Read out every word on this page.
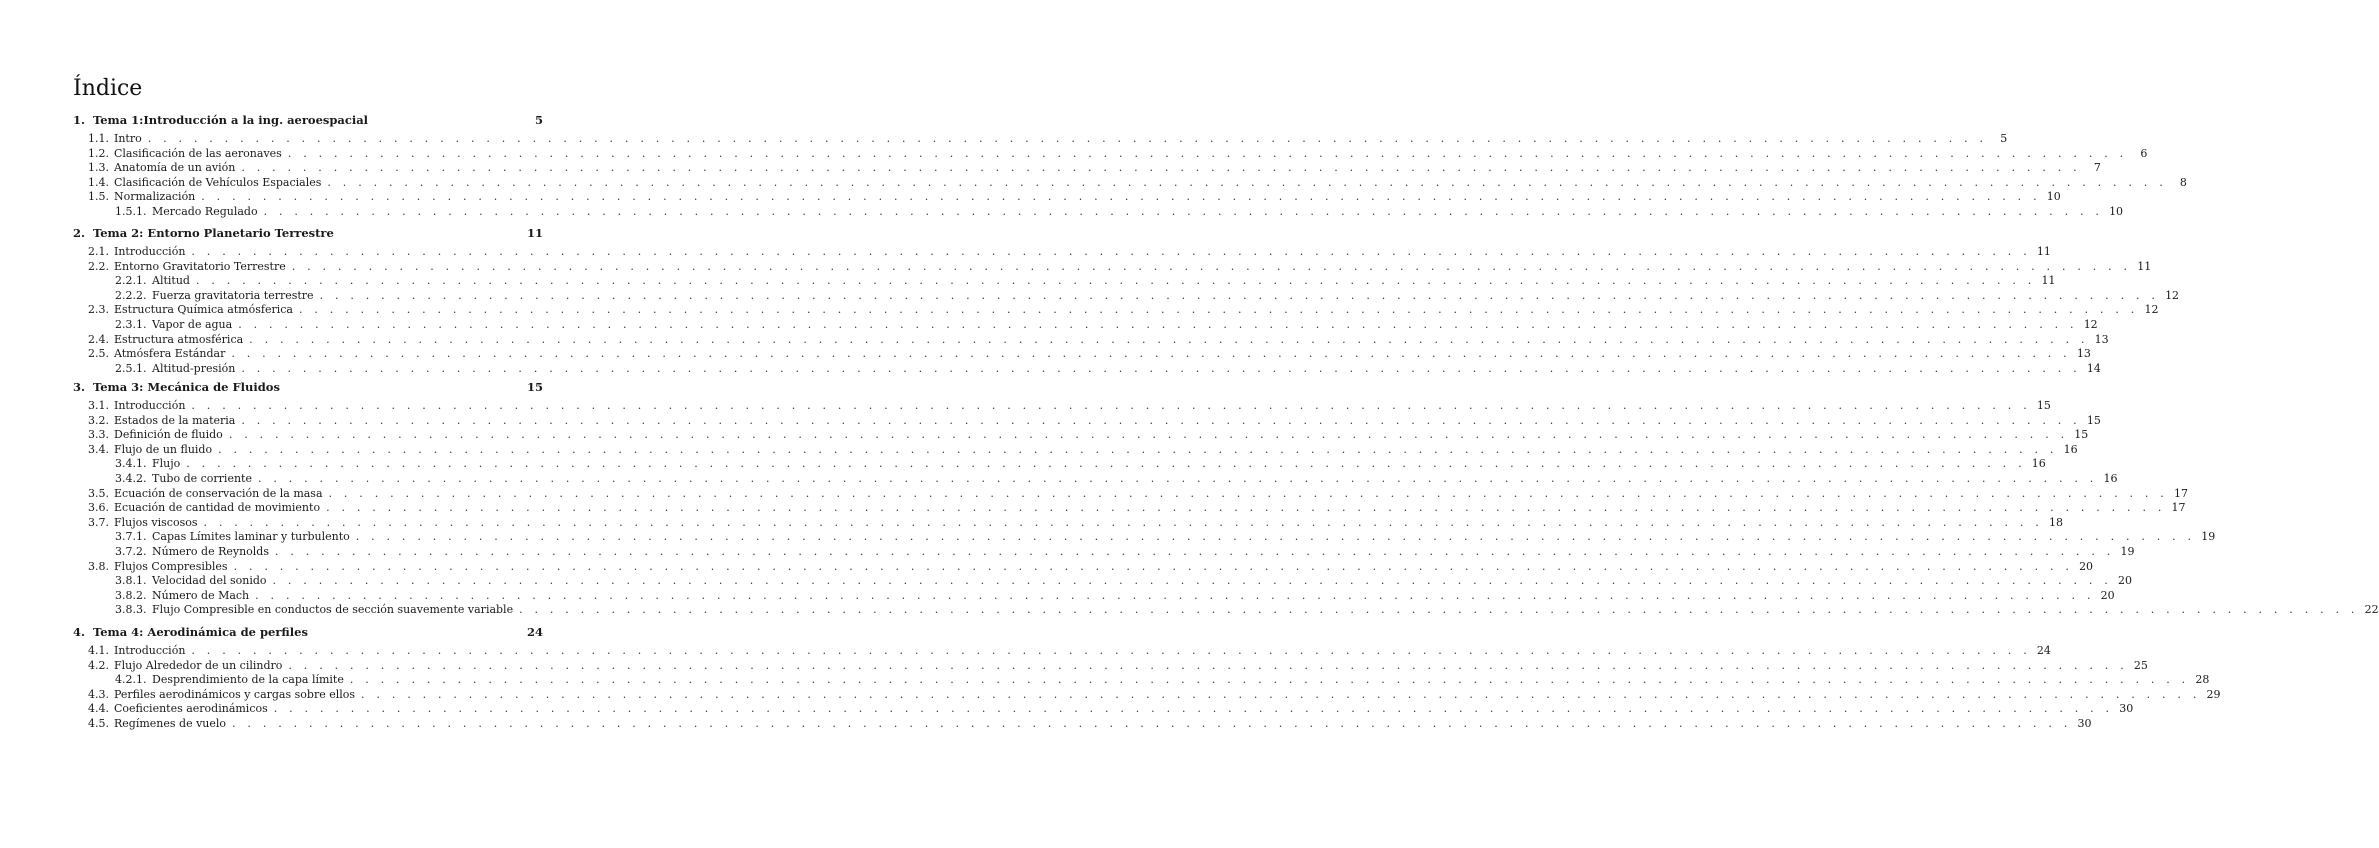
Índice
1. Tema 1:Introducción a la ing. aeroespacial	5
1.1. Intro . . . . . . . . . . . . . . . . . . . . . . . . . . . . . . . . . . . . . . . . . . . . . . . . . . . . . . . . . . . . . . . . . . . . . . . . . . . . . . . . . . . . . . . . . . . . . . . . . . . . . . . . . . . . . . . . . . . . . . . .	5
1.2. Clasificación de las aeronaves . . . . . . . . . . . . . . . . . . . . . . . . . . . . . . . . . . . . . . . . . . . . . . . . . . . . . . . . . . . . . . . . . . . . . . . . . . . . . . . . . . . . . . . . . . . . . . . . . . . . . . . . . . . . . . . . . . . . . . . .	6
1.3. Anatomía de un avión . . . . . . . . . . . . . . . . . . . . . . . . . . . . . . . . . . . . . . . . . . . . . . . . . . . . . . . . . . . . . . . . . . . . . . . . . . . . . . . . . . . . . . . . . . . . . . . . . . . . . . . . . . . . . . . . . . . . . . . .	7
1.4. Clasificación de Vehículos Espaciales . . . . . . . . . . . . . . . . . . . . . . . . . . . . . . . . . . . . . . . . . . . . . . . . . . . . . . . . . . . . . . . . . . . . . . . . . . . . . . . . . . . . . . . . . . . . . . . . . . . . . . . . . . . . . . . . . . . . . . . .	8
1.5. Normalización . . . . . . . . . . . . . . . . . . . . . . . . . . . . . . . . . . . . . . . . . . . . . . . . . . . . . . . . . . . . . . . . . . . . . . . . . . . . . . . . . . . . . . . . . . . . . . . . . . . . . . . . . . . . . . . . . . . . . . . . 10
1.5.1. Mercado Regulado . . . . . . . . . . . . . . . . . . . . . . . . . . . . . . . . . . . . . . . . . . . . . . . . . . . . . . . . . . . . . . . . . . . . . . . . . . . . . . . . . . . . . . . . . . . . . . . . . . . . . . . . . . . . . . . . . . . . . . . . 10
2. Tema 2: Entorno Planetario Terrestre	11
2.1. Introducción . . . . . . . . . . . . . . . . . . . . . . . . . . . . . . . . . . . . . . . . . . . . . . . . . . . . . . . . . . . . . . . . . . . . . . . . . . . . . . . . . . . . . . . . . . . . . . . . . . . . . . . . . . . . . . . . . . . . . . . . 11
2.2. Entorno Gravitatorio Terrestre . . . . . . . . . . . . . . . . . . . . . . . . . . . . . . . . . . . . . . . . . . . . . . . . . . . . . . . . . . . . . . . . . . . . . . . . . . . . . . . . . . . . . . . . . . . . . . . . . . . . . . . . . . . . . . . . . . . . . . . . 11
2.2.1. Altitud . . . . . . . . . . . . . . . . . . . . . . . . . . . . . . . . . . . . . . . . . . . . . . . . . . . . . . . . . . . . . . . . . . . . . . . . . . . . . . . . . . . . . . . . . . . . . . . . . . . . . . . . . . . . . . . . . . . . . . . . 11
2.2.2. Fuerza gravitatoria terrestre . . . . . . . . . . . . . . . . . . . . . . . . . . . . . . . . . . . . . . . . . . . . . . . . . . . . . . . . . . . . . . . . . . . . . . . . . . . . . . . . . . . . . . . . . . . . . . . . . . . . . . . . . . . . . . . . . . . . . . . . 12
2.3. Estructura Química atmósferica . . . . . . . . . . . . . . . . . . . . . . . . . . . . . . . . . . . . . . . . . . . . . . . . . . . . . . . . . . . . . . . . . . . . . . . . . . . . . . . . . . . . . . . . . . . . . . . . . . . . . . . . . . . . . . . . . . . . . . . . 12
2.3.1. Vapor de agua . . . . . . . . . . . . . . . . . . . . . . . . . . . . . . . . . . . . . . . . . . . . . . . . . . . . . . . . . . . . . . . . . . . . . . . . . . . . . . . . . . . . . . . . . . . . . . . . . . . . . . . . . . . . . . . . . . . . . . . . 12
2.4. Estructura atmosférica . . . . . . . . . . . . . . . . . . . . . . . . . . . . . . . . . . . . . . . . . . . . . . . . . . . . . . . . . . . . . . . . . . . . . . . . . . . . . . . . . . . . . . . . . . . . . . . . . . . . . . . . . . . . . . . . . . . . . . . . 13
2.5. Atmósfera Estándar . . . . . . . . . . . . . . . . . . . . . . . . . . . . . . . . . . . . . . . . . . . . . . . . . . . . . . . . . . . . . . . . . . . . . . . . . . . . . . . . . . . . . . . . . . . . . . . . . . . . . . . . . . . . . . . . . . . . . . . . 13
2.5.1. Altitud-presión . . . . . . . . . . . . . . . . . . . . . . . . . . . . . . . . . . . . . . . . . . . . . . . . . . . . . . . . . . . . . . . . . . . . . . . . . . . . . . . . . . . . . . . . . . . . . . . . . . . . . . . . . . . . . . . . . . . . . . . . 14
3. Tema 3: Mecánica de Fluidos	15
3.1. Introducción . . . . . . . . . . . . . . . . . . . . . . . . . . . . . . . . . . . . . . . . . . . . . . . . . . . . . . . . . . . . . . . . . . . . . . . . . . . . . . . . . . . . . . . . . . . . . . . . . . . . . . . . . . . . . . . . . . . . . . . . 15
3.2. Estados de la materia . . . . . . . . . . . . . . . . . . . . . . . . . . . . . . . . . . . . . . . . . . . . . . . . . . . . . . . . . . . . . . . . . . . . . . . . . . . . . . . . . . . . . . . . . . . . . . . . . . . . . . . . . . . . . . . . . . . . . . . . 15
3.3. Definición de fluido . . . . . . . . . . . . . . . . . . . . . . . . . . . . . . . . . . . . . . . . . . . . . . . . . . . . . . . . . . . . . . . . . . . . . . . . . . . . . . . . . . . . . . . . . . . . . . . . . . . . . . . . . . . . . . . . . . . . . . . . 15
3.4. Flujo de un fluido . . . . . . . . . . . . . . . . . . . . . . . . . . . . . . . . . . . . . . . . . . . . . . . . . . . . . . . . . . . . . . . . . . . . . . . . . . . . . . . . . . . . . . . . . . . . . . . . . . . . . . . . . . . . . . . . . . . . . . . . 16
3.4.1. Flujo . . . . . . . . . . . . . . . . . . . . . . . . . . . . . . . . . . . . . . . . . . . . . . . . . . . . . . . . . . . . . . . . . . . . . . . . . . . . . . . . . . . . . . . . . . . . . . . . . . . . . . . . . . . . . . . . . . . . . . . . 16
3.4.2. Tubo de corriente . . . . . . . . . . . . . . . . . . . . . . . . . . . . . . . . . . . . . . . . . . . . . . . . . . . . . . . . . . . . . . . . . . . . . . . . . . . . . . . . . . . . . . . . . . . . . . . . . . . . . . . . . . . . . . . . . . . . . . . . 16
3.5. Ecuación de conservación de la masa . . . . . . . . . . . . . . . . . . . . . . . . . . . . . . . . . . . . . . . . . . . . . . . . . . . . . . . . . . . . . . . . . . . . . . . . . . . . . . . . . . . . . . . . . . . . . . . . . . . . . . . . . . . . . . . . . . . . . . . . 17
3.6. Ecuación de cantidad de movimiento . . . . . . . . . . . . . . . . . . . . . . . . . . . . . . . . . . . . . . . . . . . . . . . . . . . . . . . . . . . . . . . . . . . . . . . . . . . . . . . . . . . . . . . . . . . . . . . . . . . . . . . . . . . . . . . . . . . . . . . . 17
3.7. Flujos viscosos . . . . . . . . . . . . . . . . . . . . . . . . . . . . . . . . . . . . . . . . . . . . . . . . . . . . . . . . . . . . . . . . . . . . . . . . . . . . . . . . . . . . . . . . . . . . . . . . . . . . . . . . . . . . . . . . . . . . . . . . 18
3.7.1. Capas Límites laminar y turbulento . . . . . . . . . . . . . . . . . . . . . . . . . . . . . . . . . . . . . . . . . . . . . . . . . . . . . . . . . . . . . . . . . . . . . . . . . . . . . . . . . . . . . . . . . . . . . . . . . . . . . . . . . . . . . . . . . . . . . . . . 19
3.7.2. Número de Reynolds . . . . . . . . . . . . . . . . . . . . . . . . . . . . . . . . . . . . . . . . . . . . . . . . . . . . . . . . . . . . . . . . . . . . . . . . . . . . . . . . . . . . . . . . . . . . . . . . . . . . . . . . . . . . . . . . . . . . . . . . 19
3.8. Flujos Compresibles . . . . . . . . . . . . . . . . . . . . . . . . . . . . . . . . . . . . . . . . . . . . . . . . . . . . . . . . . . . . . . . . . . . . . . . . . . . . . . . . . . . . . . . . . . . . . . . . . . . . . . . . . . . . . . . . . . . . . . . . 20
3.8.1. Velocidad del sonido . . . . . . . . . . . . . . . . . . . . . . . . . . . . . . . . . . . . . . . . . . . . . . . . . . . . . . . . . . . . . . . . . . . . . . . . . . . . . . . . . . . . . . . . . . . . . . . . . . . . . . . . . . . . . . . . . . . . . . . . 20
3.8.2. Número de Mach . . . . . . . . . . . . . . . . . . . . . . . . . . . . . . . . . . . . . . . . . . . . . . . . . . . . . . . . . . . . . . . . . . . . . . . . . . . . . . . . . . . . . . . . . . . . . . . . . . . . . . . . . . . . . . . . . . . . . . . . 20
3.8.3. Flujo Compresible en conductos de sección suavemente variable . . . . . . . . . . . . . . . . . . . . . . . . . . . . . . . . . . . . . . . . . . . . . . . . . . . . . . . . . . . . . . . . . . . . . . . . . . . . . . . . . . . . . . . . . . . . . . . . . . . . . . . . . . . . . . . . . . . . . . . . 22
4. Tema 4: Aerodinámica de perfiles	24
4.1. Introducción . . . . . . . . . . . . . . . . . . . . . . . . . . . . . . . . . . . . . . . . . . . . . . . . . . . . . . . . . . . . . . . . . . . . . . . . . . . . . . . . . . . . . . . . . . . . . . . . . . . . . . . . . . . . . . . . . . . . . . . . 24
4.2. Flujo Alrededor de un cilindro . . . . . . . . . . . . . . . . . . . . . . . . . . . . . . . . . . . . . . . . . . . . . . . . . . . . . . . . . . . . . . . . . . . . . . . . . . . . . . . . . . . . . . . . . . . . . . . . . . . . . . . . . . . . . . . . . . . . . . . . 25
4.2.1. Desprendimiento de la capa límite . . . . . . . . . . . . . . . . . . . . . . . . . . . . . . . . . . . . . . . . . . . . . . . . . . . . . . . . . . . . . . . . . . . . . . . . . . . . . . . . . . . . . . . . . . . . . . . . . . . . . . . . . . . . . . . . . . . . . . . . 28
4.3. Perfiles aerodinámicos y cargas sobre ellos . . . . . . . . . . . . . . . . . . . . . . . . . . . . . . . . . . . . . . . . . . . . . . . . . . . . . . . . . . . . . . . . . . . . . . . . . . . . . . . . . . . . . . . . . . . . . . . . . . . . . . . . . . . . . . . . . . . . . . . . 29
4.4. Coeficientes aerodinámicos . . . . . . . . . . . . . . . . . . . . . . . . . . . . . . . . . . . . . . . . . . . . . . . . . . . . . . . . . . . . . . . . . . . . . . . . . . . . . . . . . . . . . . . . . . . . . . . . . . . . . . . . . . . . . . . . . . . . . . . . 30
4.5. Regímenes de vuelo . . . . . . . . . . . . . . . . . . . . . . . . . . . . . . . . . . . . . . . . . . . . . . . . . . . . . . . . . . . . . . . . . . . . . . . . . . . . . . . . . . . . . . . . . . . . . . . . . . . . . . . . . . . . . . . . . . . . . . . . 30
